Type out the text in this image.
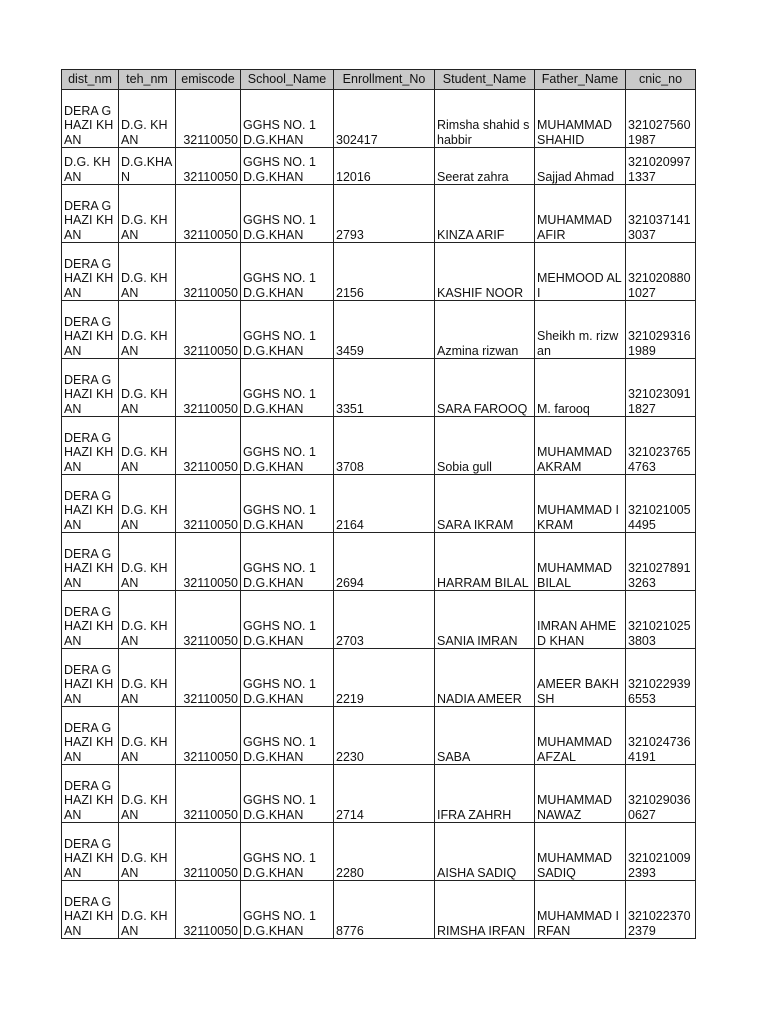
dist_nm	teh_nm	emiscode	School_Name	Enrollment_No	Student_Name	Father_Name	cnic_no
DERA GHAZI KHAN	D.G. KHAN	32110050	GGHS NO. 1 D.G.KHAN	302417	Rimsha shahid shabbir	MUHAMMAD SHAHID	3210275601987
D.G. KHAN	D.G.KHAN	32110050	GGHS NO. 1 D.G.KHAN	12016	Seerat zahra	Sajjad Ahmad	3210209971337
DERA GHAZI KHAN	D.G. KHAN	32110050	GGHS NO. 1 D.G.KHAN	2793	KINZA ARIF	MUHAMMAD AFIR	3210371413037
DERA GHAZI KHAN	D.G. KHAN	32110050	GGHS NO. 1 D.G.KHAN	2156	KASHIF NOOR	MEHMOOD ALI	3210208801027
DERA GHAZI KHAN	D.G. KHAN	32110050	GGHS NO. 1 D.G.KHAN	3459	Azmina rizwan	Sheikh m. rizwan	3210293161989
DERA GHAZI KHAN	D.G. KHAN	32110050	GGHS NO. 1 D.G.KHAN	3351	SARA FAROOQ	M. farooq	3210230911827
DERA GHAZI KHAN	D.G. KHAN	32110050	GGHS NO. 1 D.G.KHAN	3708	Sobia gull	MUHAMMAD AKRAM	3210237654763
DERA GHAZI KHAN	D.G. KHAN	32110050	GGHS NO. 1 D.G.KHAN	2164	SARA IKRAM	MUHAMMAD IKRAM	3210210054495
DERA GHAZI KHAN	D.G. KHAN	32110050	GGHS NO. 1 D.G.KHAN	2694	HARRAM BILAL	MUHAMMAD BILAL	3210278913263
DERA GHAZI KHAN	D.G. KHAN	32110050	GGHS NO. 1 D.G.KHAN	2703	SANIA IMRAN	IMRAN AHMED KHAN	3210210253803
DERA GHAZI KHAN	D.G. KHAN	32110050	GGHS NO. 1 D.G.KHAN	2219	NADIA AMEER	AMEER BAKHSH	3210229396553
DERA GHAZI KHAN	D.G. KHAN	32110050	GGHS NO. 1 D.G.KHAN	2230	SABA	MUHAMMAD AFZAL	3210247364191
DERA GHAZI KHAN	D.G. KHAN	32110050	GGHS NO. 1 D.G.KHAN	2714	IFRA ZAHRH	MUHAMMAD NAWAZ	3210290360627
DERA GHAZI KHAN	D.G. KHAN	32110050	GGHS NO. 1 D.G.KHAN	2280	AISHA SADIQ	MUHAMMAD SADIQ	3210210092393
DERA GHAZI KHAN	D.G. KHAN	32110050	GGHS NO. 1 D.G.KHAN	8776	RIMSHA IRFAN	MUHAMMAD IRFAN	3210223702379
